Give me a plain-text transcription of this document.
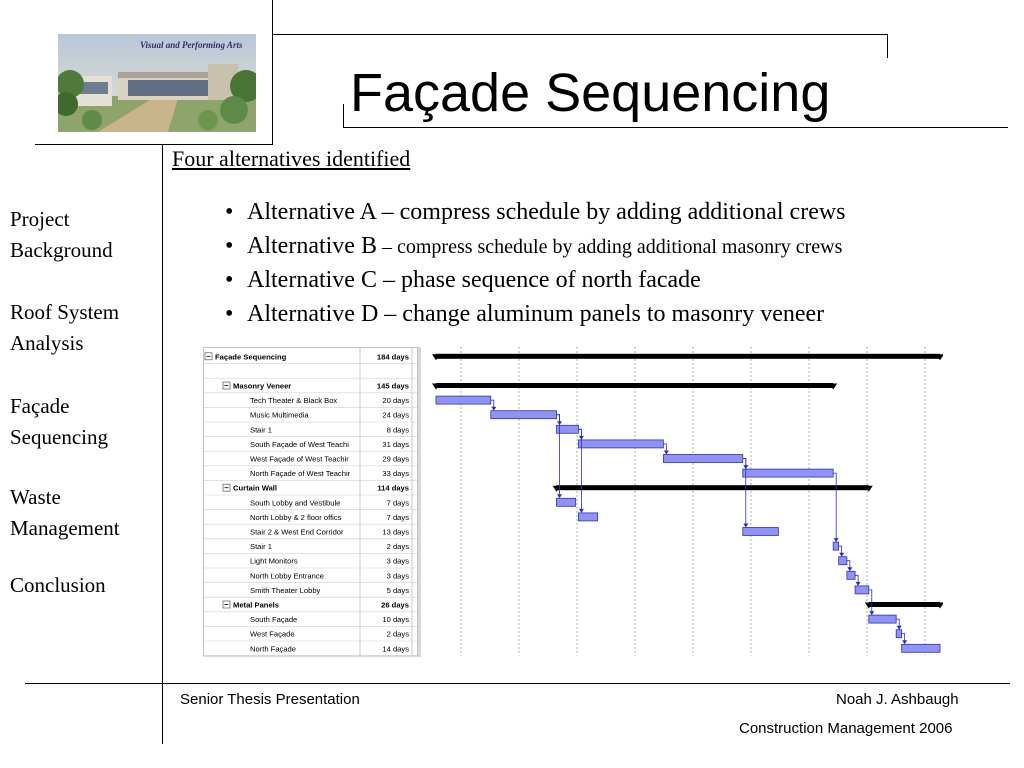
Visual and Performing Arts
Façade Sequencing
Four alternatives identified
Project
Background
Roof System
Analysis
Façade
Sequencing
Waste
Management
Conclusion
• Alternative A – compress schedule by adding additional crews
• Alternative B – compress schedule by adding additional masonry crews
• Alternative C – phase sequence of north facade
• Alternative D – change aluminum panels to masonry veneer
Façade Sequencing	184 days
Masonry Veneer	145 days
Tech Theater & Black Box	20 days
Music Multimedia	24 days
Stair 1	8 days
South Façade of West Teachi	31 days
West Façade of West Teachir	29 days
North Façade of West Teachir	33 days
Curtain Wall	114 days
South Lobby and Vestibule	7 days
North Lobby & 2 floor offics	7 days
Stair 2 & West End Corridor	13 days
Stair 1	2 days
Light Monitors	3 days
North Lobby Entrance	3 days
Smith Theater Lobby	5 days
Metal Panels	26 days
South Façade	10 days
West Façade	2 days
North Façade	14 days
Senior Thesis Presentation	Noah J. Ashbaugh
Construction Management 2006
